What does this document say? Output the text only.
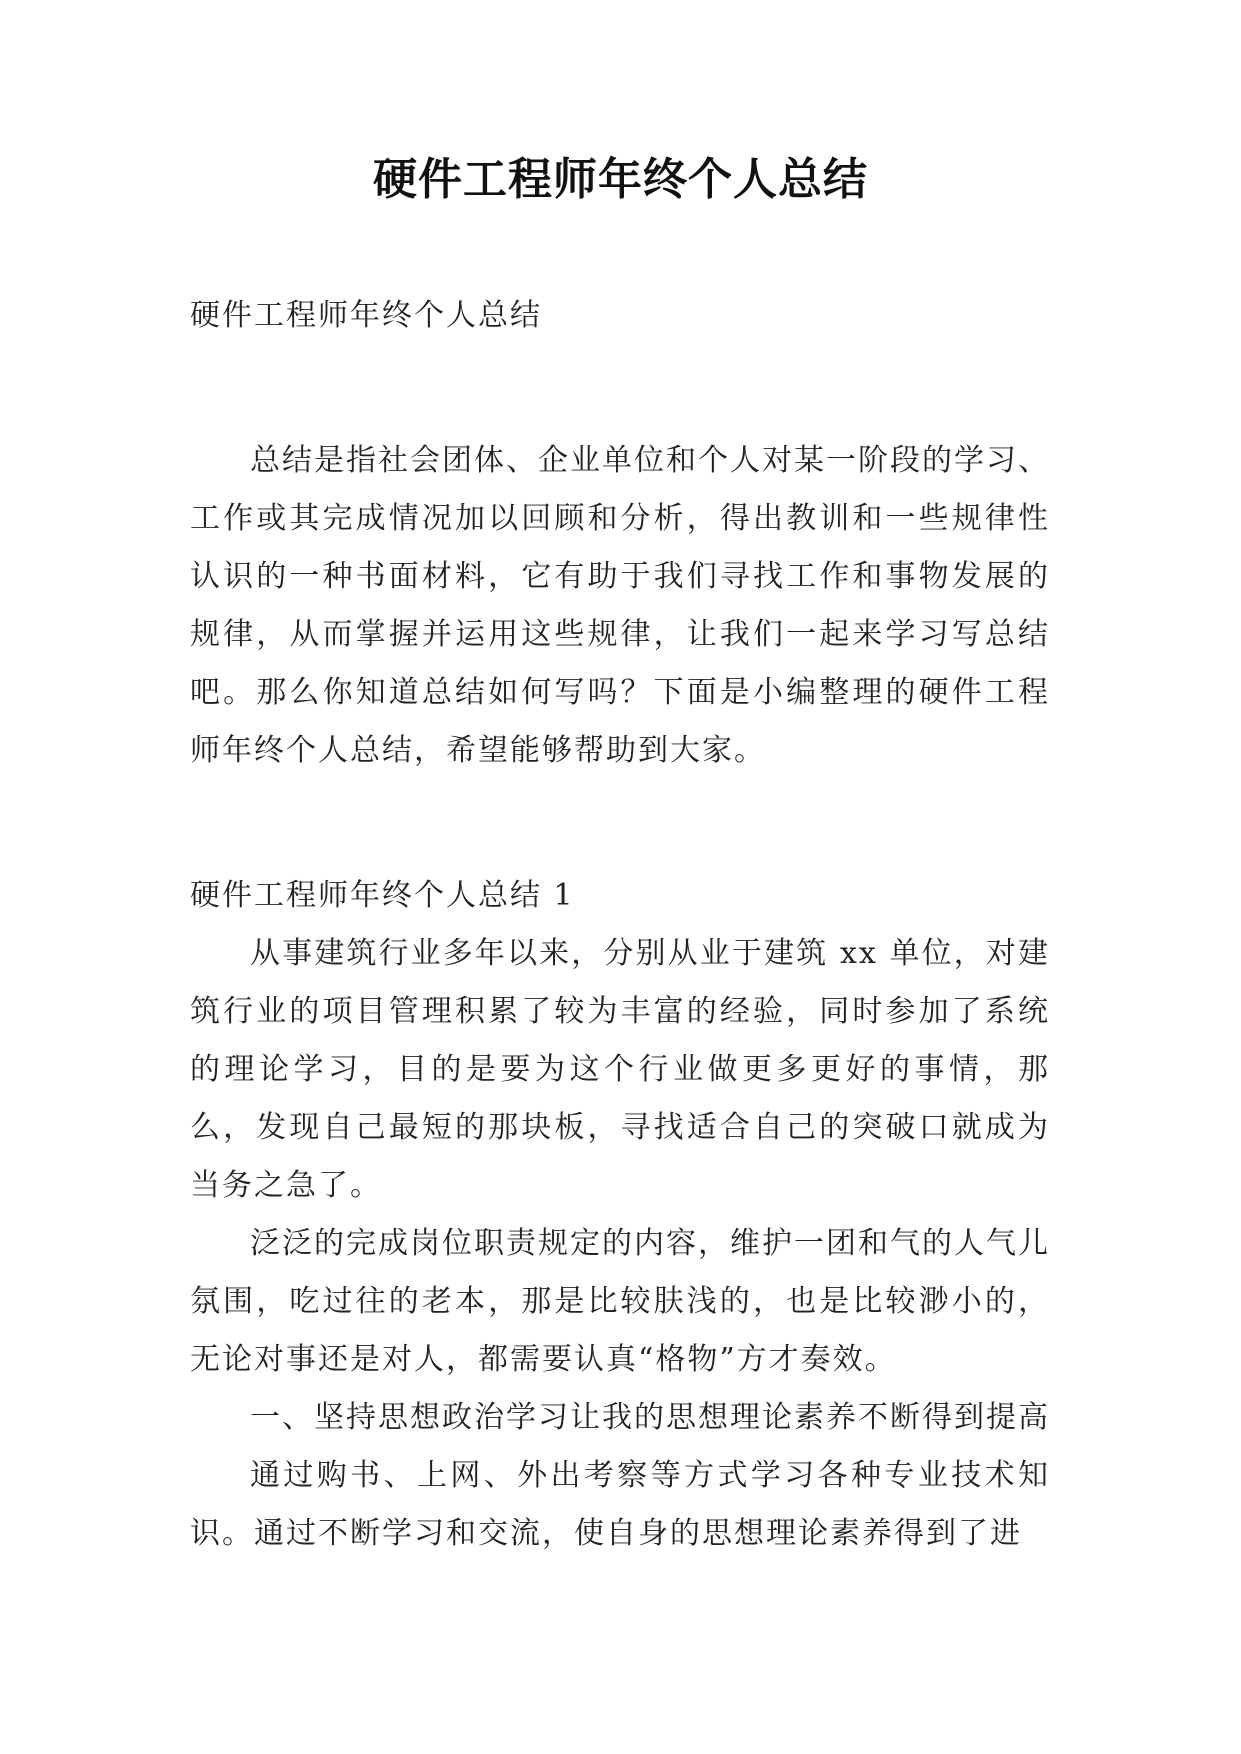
硬件工程师年终个人总结

硬件工程师年终个人总结

总结是指社会团体、企业单位和个人对某一阶段的学习、工作或其完成情况加以回顾和分析，得出教训和一些规律性认识的一种书面材料，它有助于我们寻找工作和事物发展的规律，从而掌握并运用这些规律，让我们一起来学习写总结吧。那么你知道总结如何写吗？下面是小编整理的硬件工程师年终个人总结，希望能够帮助到大家。

硬件工程师年终个人总结 1

从事建筑行业多年以来，分别从业于建筑 xx 单位，对建筑行业的项目管理积累了较为丰富的经验，同时参加了系统的理论学习，目的是要为这个行业做更多更好的事情，那么，发现自己最短的那块板，寻找适合自己的突破口就成为当务之急了。

泛泛的完成岗位职责规定的内容，维护一团和气的人气儿氛围，吃过往的老本，那是比较肤浅的，也是比较渺小的，无论对事还是对人，都需要认真“格物”方才奏效。

一、坚持思想政治学习让我的思想理论素养不断得到提高

通过购书、上网、外出考察等方式学习各种专业技术知识。通过不断学习和交流，使自身的思想理论素养得到了进
